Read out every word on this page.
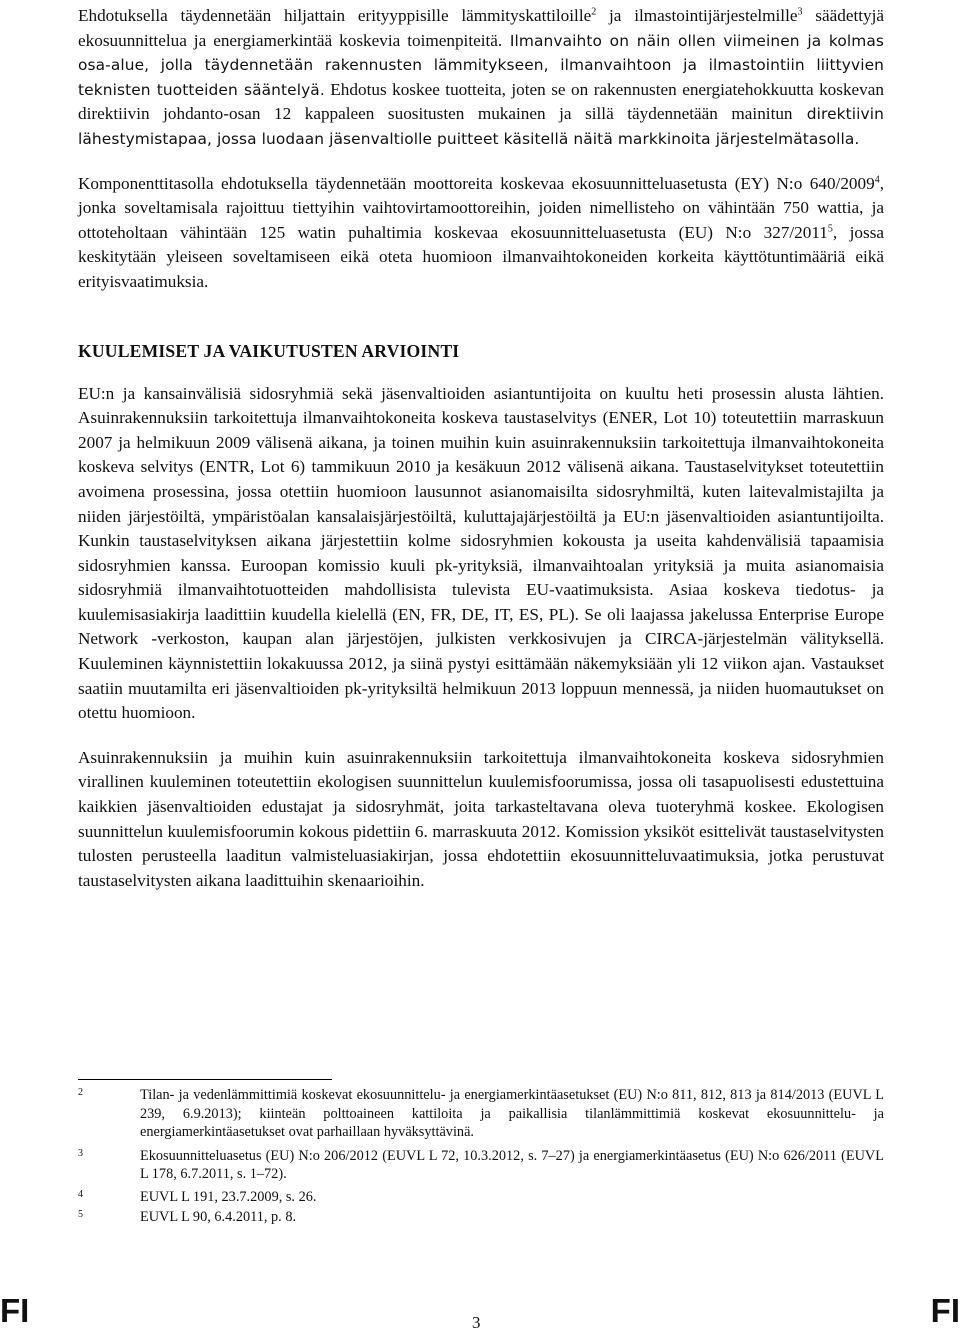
Ehdotuksella täydennetään hiljattain erityyppisille lämmityskattiloille$^2$ ja ilmastointijärjestelmille$^3$ säädettyjä ekosuunnittelua ja energiamerkintää koskevia toimenpiteitä. Ilmanvaihto on näin ollen viimeinen ja kolmas osa-alue, jolla täydennetään rakennusten lämmitykseen, ilmanvaihtoon ja ilmastointiin liittyvien teknisten tuotteiden sääntelyä. Ehdotus koskee tuotteita, joten se on rakennusten energiatehokkuutta koskevan direktiivin johdanto-osan 12 kappaleen suositusten mukainen ja sillä täydennetään mainitun direktiivin lähestymistapaa, jossa luodaan jäsenvaltiolle puitteet käsitellä näitä markkinoita järjestelmätasolla.

Komponenttitasolla ehdotuksella täydennetään moottoreita koskevaa ekosuunnitteluasetusta (EY) N:o 640/2009$^4$, jonka soveltamisala rajoittuu tiettyihin vaihtovirtamoottoreihin, joiden nimellisteho on vähintään 750 wattia, ja ottoteholtaan vähintään 125 watin puhaltimia koskevaa ekosuunnitteluasetusta (EU) N:o 327/2011$^5$, jossa keskitytään yleiseen soveltamiseen eikä oteta huomioon ilmanvaihtokoneiden korkeita käyttötuntimääriä eikä erityisvaatimuksia.

KUULEMISET JA VAIKUTUSTEN ARVIOINTI

EU:n ja kansainvälisiä sidosryhmiä sekä jäsenvaltioiden asiantuntijoita on kuultu heti prosessin alusta lähtien. Asuinrakennuksiin tarkoitettuja ilmanvaihtokoneita koskeva taustaselvitys (ENER, Lot 10) toteutettiin marraskuun 2007 ja helmikuun 2009 välisenä aikana, ja toinen muihin kuin asuinrakennuksiin tarkoitettuja ilmanvaihtokoneita koskeva selvitys (ENTR, Lot 6) tammikuun 2010 ja kesäkuun 2012 välisenä aikana. Taustaselvitykset toteutettiin avoimena prosessina, jossa otettiin huomioon lausunnot asianomaisilta sidosryhmiltä, kuten laitevalmistajilta ja niiden järjestöiltä, ympäristöalan kansalaisjärjestöiltä, kuluttajajärjestöiltä ja EU:n jäsenvaltioiden asiantuntijoilta. Kunkin taustaselvityksen aikana järjestettiin kolme sidosryhmien kokousta ja useita kahdenvälisiä tapaamisia sidosryhmien kanssa. Euroopan komissio kuuli pk-yrityksiä, ilmanvaihtoalan yrityksiä ja muita asianomaisia sidosryhmiä ilmanvaihtotuotteiden mahdollisista tulevista EU-vaatimuksista. Asiaa koskeva tiedotus- ja kuulemisasiakirja laadittiin kuudella kielellä (EN, FR, DE, IT, ES, PL). Se oli laajassa jakelussa Enterprise Europe Network -verkoston, kaupan alan järjestöjen, julkisten verkkosivujen ja CIRCA-järjestelmän välityksellä. Kuuleminen käynnistettiin lokakuussa 2012, ja siinä pystyi esittämään näkemyksiään yli 12 viikon ajan. Vastaukset saatiin muutamilta eri jäsenvaltioiden pk-yrityksiltä helmikuun 2013 loppuun mennessä, ja niiden huomautukset on otettu huomioon.

Asuinrakennuksiin ja muihin kuin asuinrakennuksiin tarkoitettuja ilmanvaihtokoneita koskeva sidosryhmien virallinen kuuleminen toteutettiin ekologisen suunnittelun kuulemisfoorumissa, jossa oli tasapuolisesti edustettuina kaikkien jäsenvaltioiden edustajat ja sidosryhmät, joita tarkasteltavana oleva tuoteryhmä koskee. Ekologisen suunnittelun kuulemisfoorumin kokous pidettiin 6. marraskuuta 2012. Komission yksiköt esittelivät taustaselvitysten tulosten perusteella laaditun valmisteluasiakirjan, jossa ehdotettiin ekosuunnitteluvaatimuksia, jotka perustuvat taustaselvitysten aikana laadittuihin skenaarioihin.

2	Tilan- ja vedenlämmittimiä koskevat ekosuunnittelu- ja energiamerkintäasetukset (EU) N:o 811, 812, 813 ja 814/2013 (EUVL L 239, 6.9.2013); kiinteän polttoaineen kattiloita ja paikallisia tilanlämmittimiä koskevat ekosuunnittelu- ja energiamerkintäasetukset ovat parhaillaan hyväksyttävinä.
3	Ekosuunnitteluasetus (EU) N:o 206/2012 (EUVL L 72, 10.3.2012, s. 7–27) ja energiamerkintäasetus (EU) N:o 626/2011 (EUVL L 178, 6.7.2011, s. 1–72).
4	EUVL L 191, 23.7.2009, s. 26.
5	EUVL L 90, 6.4.2011, p. 8.
FI	3	FI
